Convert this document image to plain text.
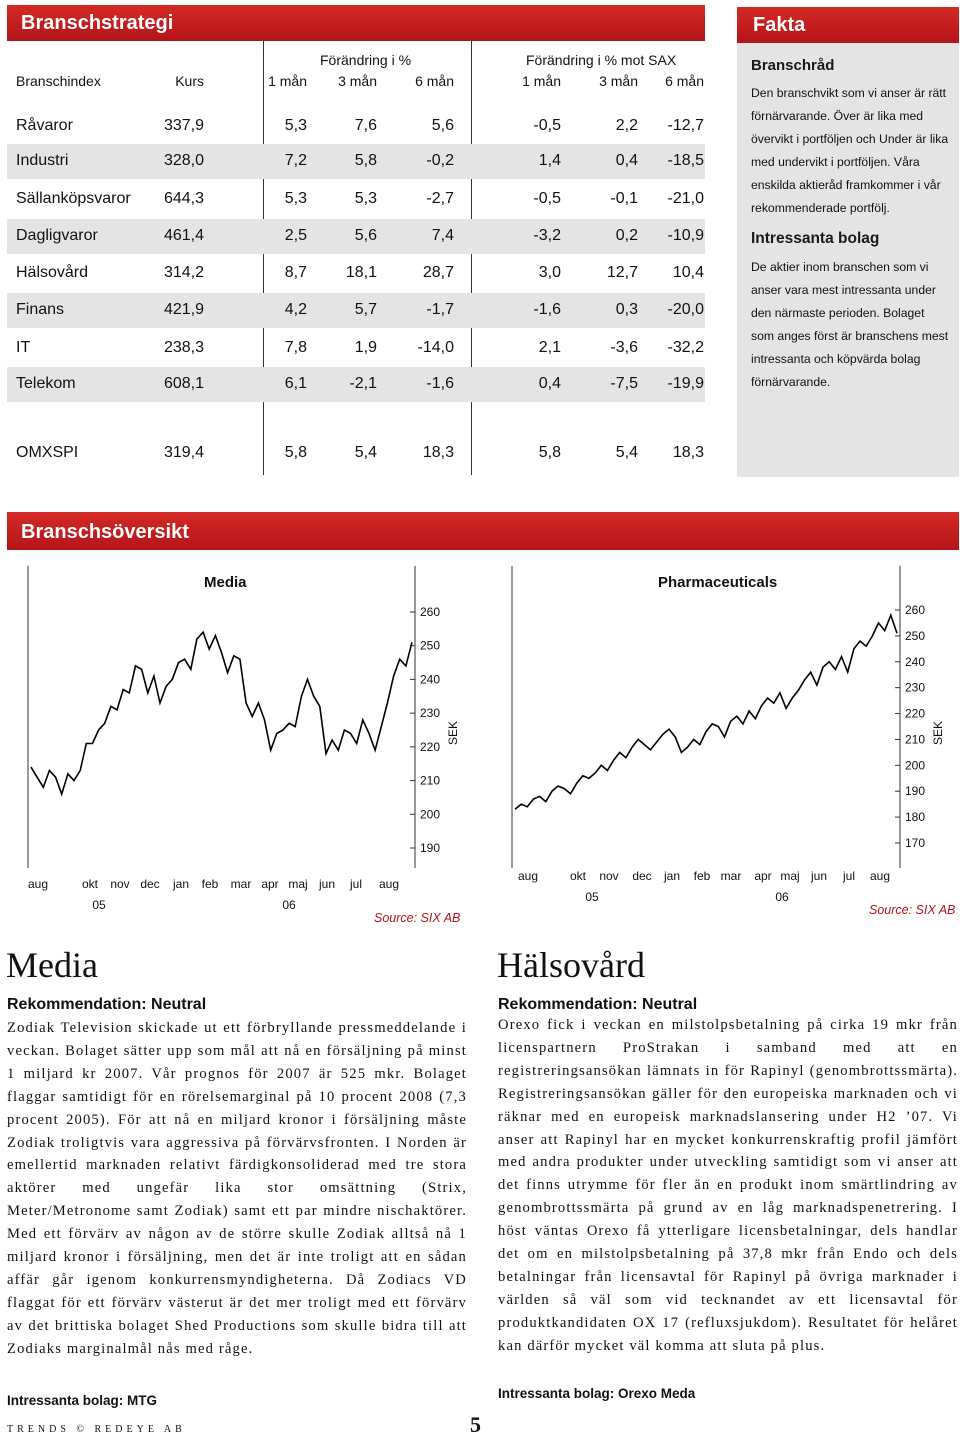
Branschstrategi
Förändring i %	Förändring i % mot SAX
Branschindex	Kurs	1 mån 3 mån	6 mån	1 mån	3 mån 6 mån
Råvaror	337,9	5,3	7,6	5,6	-0,5	2,2	-12,7
Industri	328,0	7,2	5,8	-0,2	1,4	0,4	-18,5
Sällanköpsvaror	644,3	5,3	5,3	-2,7	-0,5	-0,1	-21,0
Dagligvaror	461,4	2,5	5,6	7,4	-3,2	0,2	-10,9
Hälsovård	314,2	8,7	18,1	28,7	3,0	12,7	10,4
Finans	421,9	4,2	5,7	-1,7	-1,6	0,3	-20,0
IT	238,3	7,8	1,9	-14,0	2,1	-3,6	-32,2
Telekom	608,1	6,1	-2,1	-1,6	0,4	-7,5	-19,9
OMXSPI	319,4	5,8	5,4	18,3	5,8	5,4	18,3
Fakta
Branschråd
Den branschvikt som vi anser är rätt förnärvarande. Över är lika med övervikt i portföljen och Under är lika med undervikt i portföljen. Våra enskilda aktieråd framkommer i vår rekommenderade portfölj.
Intressanta bolag
De aktier inom branschen som vi anser vara mest intressanta under den närmaste perioden. Bolaget som anges först är branschens mest intressanta och köpvärda bolag förnärvarande.
Branschsöversikt
Media	Pharmaceuticals
260
250
240
230
220
210
200
190
SEK
aug	okt nov dec jan feb mar apr maj jun jul aug
05	06
Source: SIX AB
260
250
240
230
220
210
200
190
180
170
SEK
aug	okt nov dec jan feb mar apr maj jun jul aug
05	06
Source: SIX AB
Media
Rekommendation: Neutral
Zodiak Television skickade ut ett förbryllande pressmeddelande i veckan. Bolaget sätter upp som mål att nå en försäljning på minst 1 miljard kr 2007. Vår prognos för 2007 är 525 mkr. Bolaget flaggar samtidigt för en rörelsemarginal på 10 procent 2008 (7,3 procent 2005). För att nå en miljard kronor i försäljning måste Zodiak troligtvis vara aggressiva på förvärvsfronten. I Norden är emellertid marknaden relativt färdigkonsoliderad med tre stora aktörer med ungefär lika stor omsättning (Strix, Meter/Metronome samt Zodiak) samt ett par mindre nischaktörer. Med ett förvärv av någon av de större skulle Zodiak alltså nå 1 miljard kronor i försäljning, men det är inte troligt att en sådan affär går igenom konkurrensmyndigheterna. Då Zodiacs VD flaggat för ett förvärv västerut är det mer troligt med ett förvärv av det brittiska bolaget Shed Productions som skulle bidra till att Zodiaks marginalmål nås med råge.
Intressanta bolag: MTG
Hälsovård
Rekommendation: Neutral
Orexo fick i veckan en milstolpsbetalning på cirka 19 mkr från licenspartnern ProStrakan i samband med att en registreringsansökan lämnats in för Rapinyl (genombrottssmärta). Registreringsansökan gäller för den europeiska marknaden och vi räknar med en europeisk marknadslansering under H2 ’07. Vi anser att Rapinyl har en mycket konkurrenskraftig profil jämfört med andra produkter under utveckling samtidigt som vi anser att det finns utrymme för fler än en produkt inom smärtlindring av genombrottssmärta på grund av en låg marknadspenetrering. I höst väntas Orexo få ytterligare licensbetalningar, dels handlar det om en milstolpsbetalning på 37,8 mkr från Endo och dels betalningar från licensavtal för Rapinyl på övriga marknader i världen så väl som vid tecknandet av ett licensavtal för produktkandidaten OX 17 (refluxsjukdom). Resultatet för helåret kan därför mycket väl komma att sluta på plus.
Intressanta bolag: Orexo Meda
TRENDS © REDEYE AB	5
